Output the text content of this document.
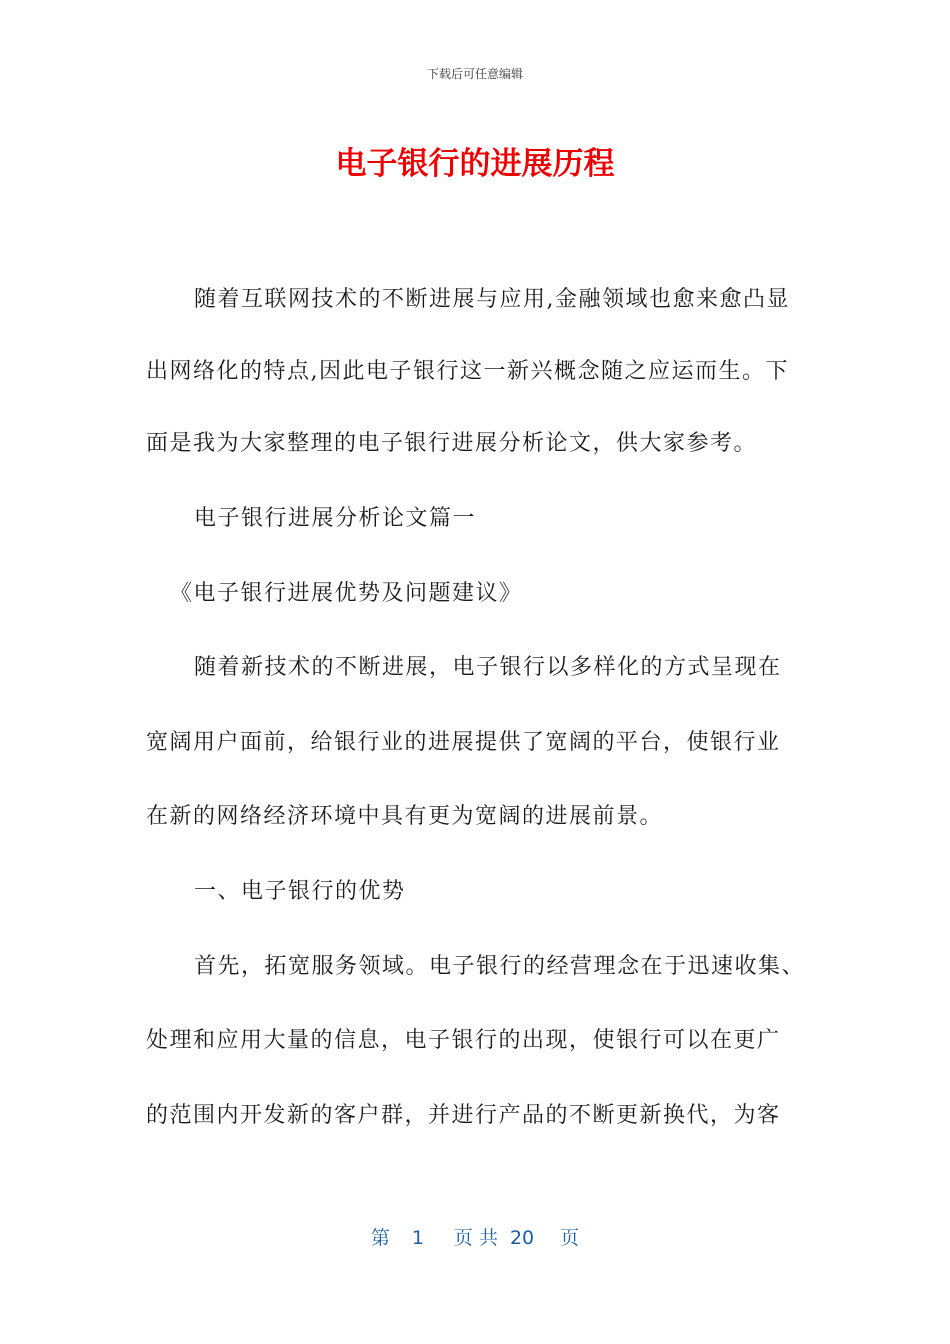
下载后可任意编辑
电子银行的进展历程
随着互联网技术的不断进展与应用,金融领域也愈来愈凸显
出网络化的特点,因此电子银行这一新兴概念随之应运而生。下
面是我为大家整理的电子银行进展分析论文，供大家参考。
电子银行进展分析论文篇一
《电子银行进展优势及问题建议》
随着新技术的不断进展，电子银行以多样化的方式呈现在
宽阔用户面前，给银行业的进展提供了宽阔的平台，使银行业
在新的网络经济环境中具有更为宽阔的进展前景。
一、电子银行的优势
首先，拓宽服务领域。电子银行的经营理念在于迅速收集、
处理和应用大量的信息，电子银行的出现，使银行可以在更广
的范围内开发新的客户群，并进行产品的不断更新换代，为客
第 1 页 共 20 页
